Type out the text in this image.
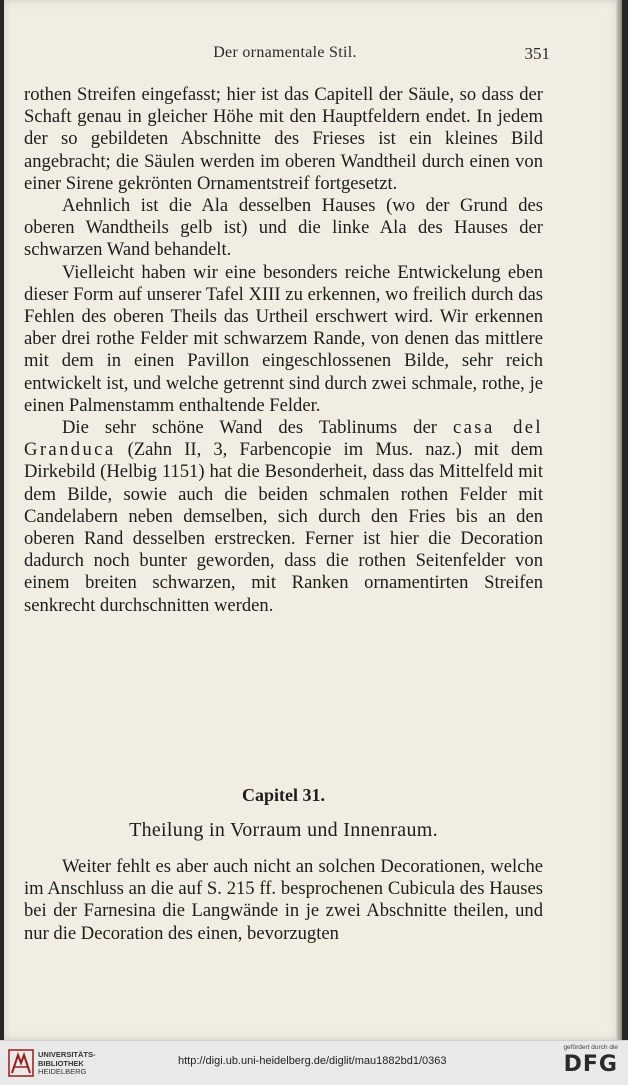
Der ornamentale Stil.	351

rothen Streifen eingefasst; hier ist das Capitell der Säule, so dass der Schaft genau in gleicher Höhe mit den Hauptfeldern endet. In jedem der so gebildeten Abschnitte des Frieses ist ein kleines Bild angebracht; die Säulen werden im oberen Wandtheil durch einen von einer Sirene gekrönten Ornamentstreif fortgesetzt.

Aehnlich ist die Ala desselben Hauses (wo der Grund des oberen Wandtheils gelb ist) und die linke Ala des Hauses der schwarzen Wand behandelt.

Vielleicht haben wir eine besonders reiche Entwickelung eben dieser Form auf unserer Tafel XIII zu erkennen, wo freilich durch das Fehlen des oberen Theils das Urtheil erschwert wird. Wir erkennen aber drei rothe Felder mit schwarzem Rande, von denen das mittlere mit dem in einen Pavillon eingeschlossenen Bilde, sehr reich entwickelt ist, und welche getrennt sind durch zwei schmale, rothe, je einen Palmenstamm enthaltende Felder.

Die sehr schöne Wand des Tablinums der casa del Granduca (Zahn II, 3, Farbencopie im Mus. naz.) mit dem Dirkebild (Helbig 1151) hat die Besonderheit, dass das Mittelfeld mit dem Bilde, sowie auch die beiden schmalen rothen Felder mit Candelabern neben demselben, sich durch den Fries bis an den oberen Rand desselben erstrecken. Ferner ist hier die Decoration dadurch noch bunter geworden, dass die rothen Seitenfelder von einem breiten schwarzen, mit Ranken ornamentirten Streifen senkrecht durchschnitten werden.

Capitel 31.
Theilung in Vorraum und Innenraum.

Weiter fehlt es aber auch nicht an solchen Decorationen, welche im Anschluss an die auf S. 215 ff. besprochenen Cubicula des Hauses bei der Farnesina die Langwände in je zwei Abschnitte theilen, und nur die Decoration des einen, bevorzugten

UNIVERSITÄTS-
BIBLIOTHEK
HEIDELBERG
http://digi.ub.uni-heidelberg.de/diglit/mau1882bd1/0363
gefördert durch die
DFG
